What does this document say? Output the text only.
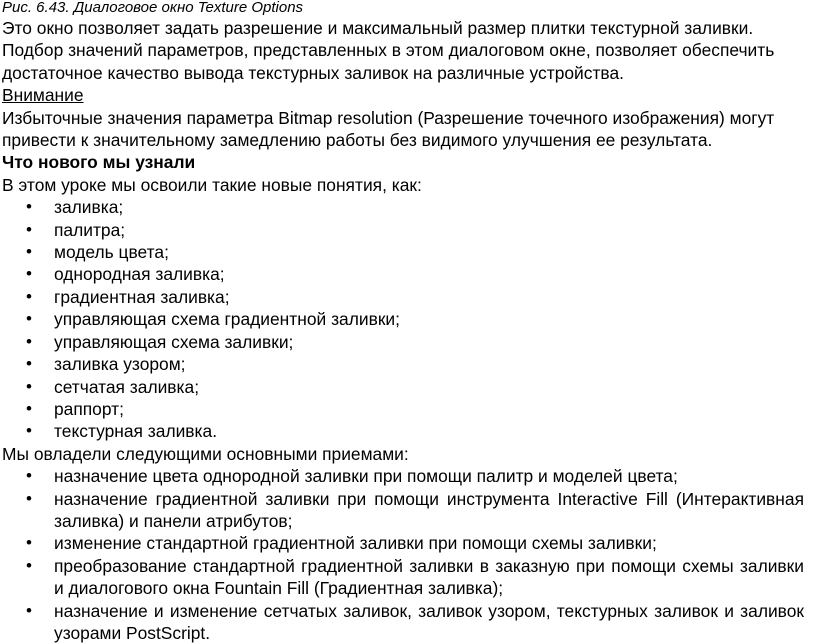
Рис. 6.43. Диалоговое окно Texture Options

Это окно позволяет задать разрешение и максимальный размер плитки текстурной заливки. Подбор значений параметров, представленных в этом диалоговом окне, позволяет обеспечить достаточное качество вывода текстурных заливок на различные устройства.

Внимание

Избыточные значения параметра Bitmap resolution (Разрешение точечного изображения) могут привести к значительному замедлению работы без видимого улучшения ее результата.

Что нового мы узнали

В этом уроке мы освоили такие новые понятия, как:

• заливка;
• палитра;
• модель цвета;
• однородная заливка;
• градиентная заливка;
• управляющая схема градиентной заливки;
• управляющая схема заливки;
• заливка узором;
• сетчатая заливка;
• раппорт;
• текстурная заливка.

Мы овладели следующими основными приемами:

• назначение цвета однородной заливки при помощи палитр и моделей цвета;
• назначение градиентной заливки при помощи инструмента Interactive Fill (Интерактивная заливка) и панели атрибутов;
• изменение стандартной градиентной заливки при помощи схемы заливки;
• преобразование стандартной градиентной заливки в заказную при помощи схемы заливки и диалогового окна Fountain Fill (Градиентная заливка);
• назначение и изменение сетчатых заливок, заливок узором, текстурных заливок и заливок узорами PostScript.
